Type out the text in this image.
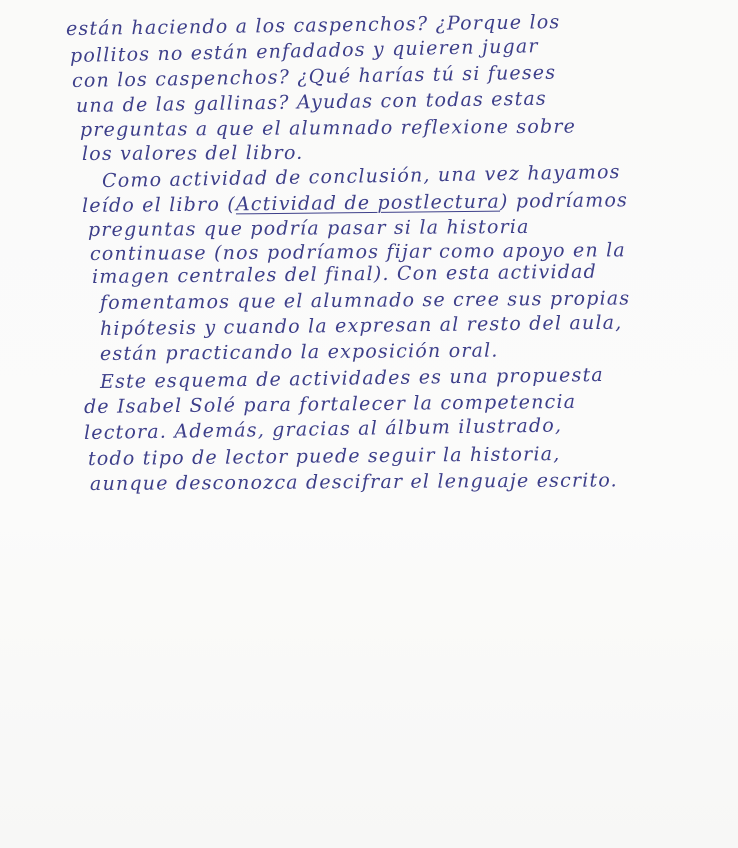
están haciendo a los caspenchos? ¿Porque los
pollitos no están enfadados y quieren jugar
con los caspenchos? ¿Qué harías tú si fueses
una de las gallinas? Ayudas con todas estas
preguntas a que el alumnado reflexione sobre
los valores del libro.
Como actividad de conclusión, una vez hayamos
leído el libro (Actividad de postlectura) podríamos
preguntas que podría pasar si la historia
continuase (nos podríamos fijar como apoyo en la
imagen centrales del final). Con esta actividad
fomentamos que el alumnado se cree sus propias
hipótesis y cuando la expresan al resto del aula,
están practicando la exposición oral.
Este esquema de actividades es una propuesta
de Isabel Solé para fortalecer la competencia
lectora. Además, gracias al álbum ilustrado,
todo tipo de lector puede seguir la historia,
aunque desconozca descifrar el lenguaje escrito.
